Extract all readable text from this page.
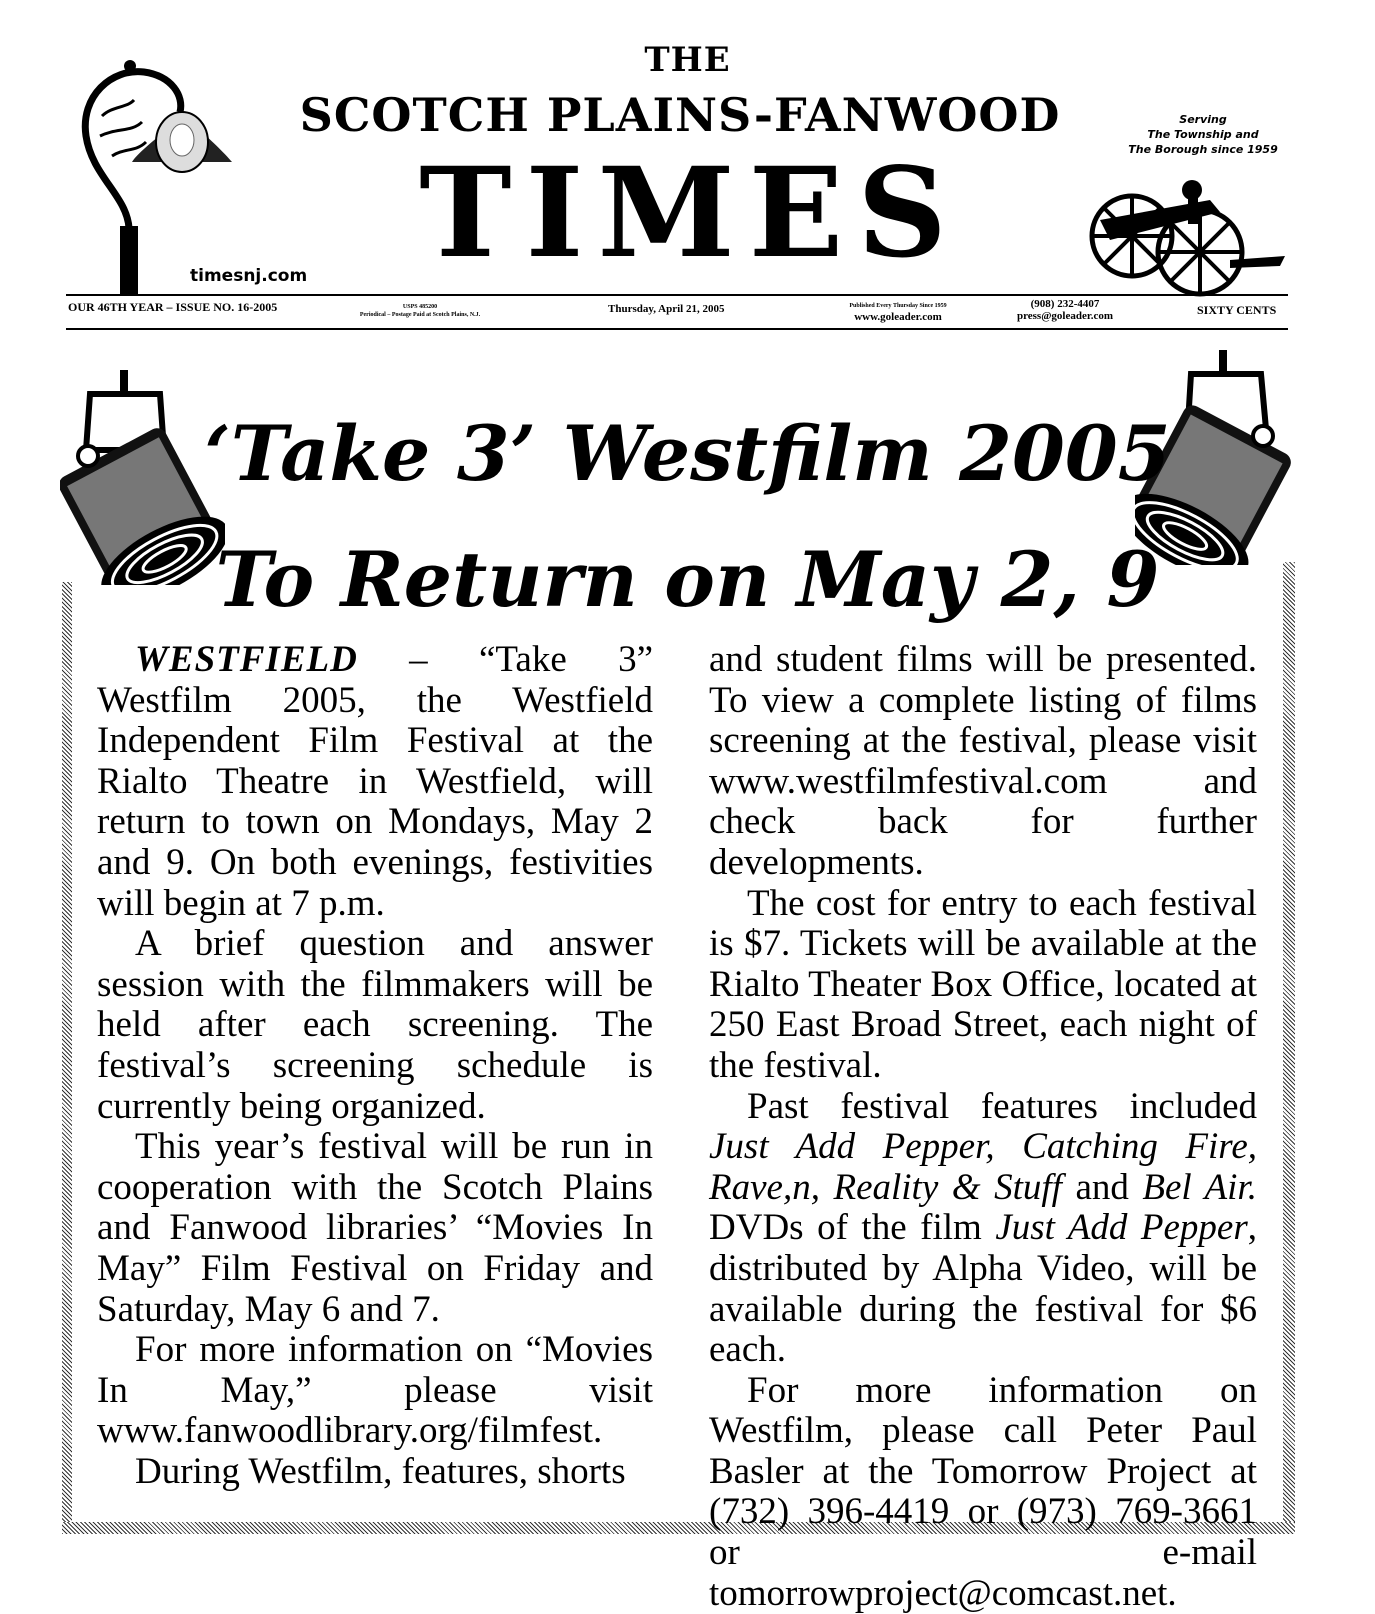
THE
SCOTCH PLAINS-FANWOOD
TIMES
timesnj.com
Serving
The Township and
The Borough since 1959
OUR 46TH YEAR – ISSUE NO. 16-2005	USPS 485200
Periodical – Postage Paid at Scotch Plains, N.J.	Thursday, April 21, 2005	Published Every Thursday Since 1959
www.goleader.com
(908) 232-4407
press@goleader.com	SIXTY CENTS
‘Take 3’ Westfilm 2005
To Return on May 2, 9

WESTFIELD – “Take 3” Westfilm 2005, the Westfield Independent Film Festival at the Rialto Theatre in Westfield, will return to town on Mondays, May 2 and 9. On both evenings, festivities will begin at 7 p.m.

A brief question and answer session with the filmmakers will be held after each screening. The festival’s screening schedule is currently being organized.

This year’s festival will be run in cooperation with the Scotch Plains and Fanwood libraries’ “Movies In May” Film Festival on Friday and Saturday, May 6 and 7.

For more information on “Movies In May,” please visit www.fanwoodlibrary.org/filmfest.

During Westfilm, features, shorts

and student films will be presented. To view a complete listing of films screening at the festival, please visit www.westfilmfestival.com and check back for further developments.

The cost for entry to each festival is $7. Tickets will be available at the Rialto Theater Box Office, located at 250 East Broad Street, each night of the festival.

Past festival features included Just Add Pepper, Catching Fire, Rave,n, Reality & Stuff and Bel Air. DVDs of the film Just Add Pepper, distributed by Alpha Video, will be available during the festival for $6 each.

For more information on Westfilm, please call Peter Paul Basler at the Tomorrow Project at (732) 396-4419 or (973) 769-3661 or e-mail tomorrowproject@comcast.net.
